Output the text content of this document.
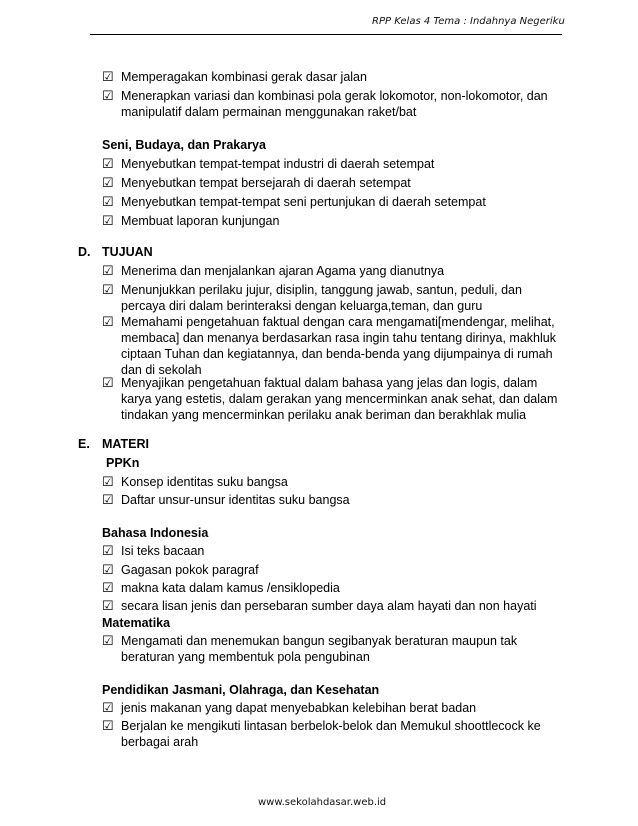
RPP Kelas 4 Tema : Indahnya Negeriku
☑ Memperagakan kombinasi gerak dasar jalan
☑ Menerapkan variasi dan kombinasi pola gerak lokomotor, non-lokomotor, dan
manipulatif dalam permainan menggunakan raket/bat
Seni, Budaya, dan Prakarya
☑ Menyebutkan tempat-tempat industri di daerah setempat
☑ Menyebutkan tempat bersejarah di daerah setempat
☑ Menyebutkan tempat-tempat seni pertunjukan di daerah setempat
☑ Membuat laporan kunjungan
D. TUJUAN
☑ Menerima dan menjalankan ajaran Agama yang dianutnya
☑ Menunjukkan perilaku jujur, disiplin, tanggung jawab, santun, peduli, dan
percaya diri dalam berinteraksi dengan keluarga,teman, dan guru
☑ Memahami pengetahuan faktual dengan cara mengamati[mendengar, melihat,
membaca] dan menanya berdasarkan rasa ingin tahu tentang dirinya, makhluk
ciptaan Tuhan dan kegiatannya, dan benda-benda yang dijumpainya di rumah
dan di sekolah
☑ Menyajikan pengetahuan faktual dalam bahasa yang jelas dan logis, dalam
karya yang estetis, dalam gerakan yang mencerminkan anak sehat, dan dalam
tindakan yang mencerminkan perilaku anak beriman dan berakhlak mulia
E. MATERI
PPKn
☑ Konsep identitas suku bangsa
☑ Daftar unsur-unsur identitas suku bangsa
Bahasa Indonesia
☑ Isi teks bacaan
☑ Gagasan pokok paragraf
☑ makna kata dalam kamus /ensiklopedia
☑ secara lisan jenis dan persebaran sumber daya alam hayati dan non hayati
Matematika
☑ Mengamati dan menemukan bangun segibanyak beraturan maupun tak
beraturan yang membentuk pola pengubinan
Pendidikan Jasmani, Olahraga, dan Kesehatan
☑ jenis makanan yang dapat menyebabkan kelebihan berat badan
☑ Berjalan ke mengikuti lintasan berbelok-belok dan Memukul shoottlecock ke
berbagai arah
www.sekolahdasar.web.id
